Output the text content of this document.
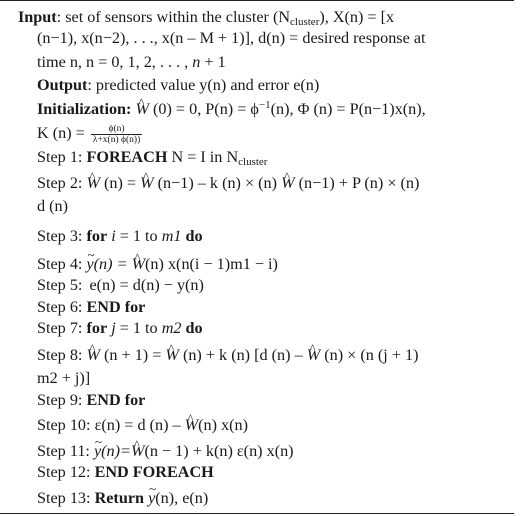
Input: set of sensors within the cluster $(N_{cluster})$, X(n) = [x
(n−1), x(n−2), . . ., x(n – M + 1)], d(n) = desired response at
time n, n = 0, 1, 2, . . . , n + 1
Output: predicted value y(n) and error e(n)
Initialization: ^ W (0) = 0, $P(n) = \phi^{-1}(n)$, Φ (n) = P(n−1)x(n),
K $(n) = \frac{\phi(n)}{\lambda+x(n) \phi(n))}$
Step 1: FOREACH N = I in $N_{cluster}$
Step 2: ^ W (n) = ^ W (n−1) – k (n) × (n) ^ W (n−1) + P (n) × (n)
d (n)
Step 3: for i = 1 to m1 do
Step 4: ~ y(n) = ^ W(n) x(n(i − 1)m1 − i)
Step 5: e(n) = d(n) − y(n)
Step 6: END for
Step 7: for j = 1 to m2 do
Step 8: ^ W (n + 1) = ^ W (n) + k (n) [d (n) – ^ W (n) × (n (j + 1)
m2 + j)]
Step 9: END for
Step 10: ε(n) = d (n) – ^ W(n) x(n)
Step 11: ~ y(n)=^ W(n − 1) + k(n) ε(n) x(n)
Step 12: END FOREACH
Step 13: Return ~ y(n), e(n)
